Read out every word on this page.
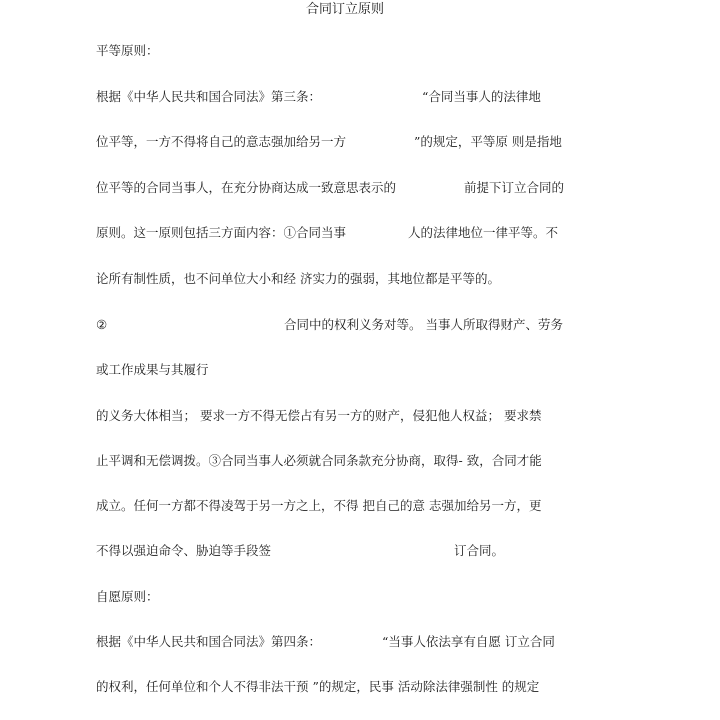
合同订立原则
平等原则：
根据《中华人民共和国合同法》第三条：	“合同当事人的法律地
位平等，一方不得将自己的意志强加给另一方	”的规定，平等原 则是指地
位平等的合同当事人，在充分协商达成一致意思表示的	前提下订立合同的
原则。这一原则包括三方面内容：①合同当事	人的法律地位一律平等。不
论所有制性质，也不问单位大小和经 济实力的强弱，其地位都是平等的。
②	合同中的权利义务对等。 当事人所取得财产、劳务
或工作成果与其履行
的义务大体相当； 要求一方不得无偿占有另一方的财产，侵犯他人权益； 要求禁
止平调和无偿调拨。③合同当事人必须就合同条款充分协商，取得- 致，合同才能
成立。任何一方都不得凌驾于另一方之上，不得 把自己的意 志强加给另一方，更
不得以强迫命令、胁迫等手段签	订合同。
自愿原则：
根据《中华人民共和国合同法》第四条：	“当事人依法享有自愿 订立合同
的权利，任何单位和个人不得非法干预 ”的规定，民事 活动除法律强制性 的规定
